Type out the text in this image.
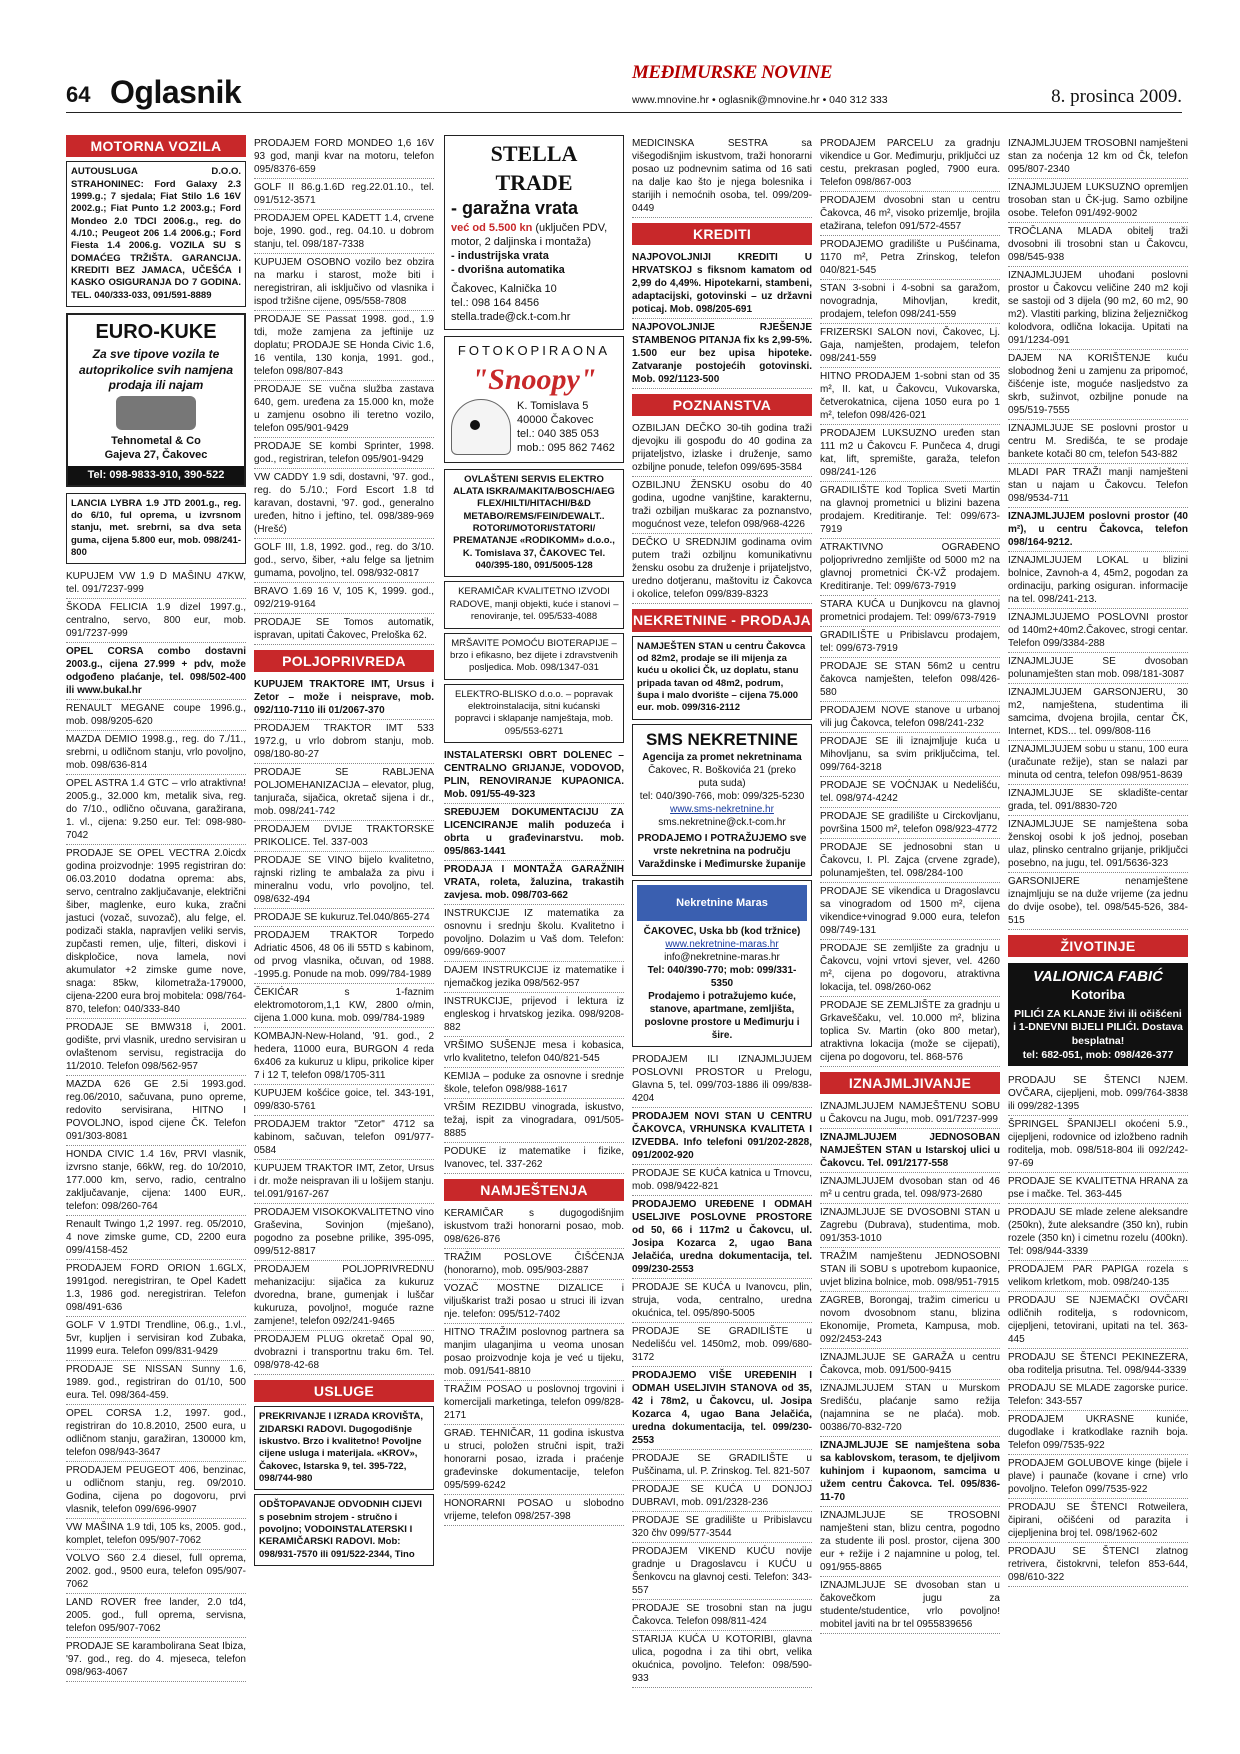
64 Oglasnik
MEĐIMURSKE NOVINE
www.mnovine.hr • oglasnik@mnovine.hr • 040 312 333	8. prosinca 2009.
MOTORNA VOZILA
AUTOUSLUGA D.O.O. STRAHONINEC: Ford Galaxy 2.3 1999.g.; 7 sjedala; Fiat Stilo 1.6 16V 2002.g.; Fiat Punto 1.2 2003.g.; Ford Mondeo 2.0 TDCI 2006.g., reg. do 4./10.; Peugeot 206 1.4 2006.g.; Ford Fiesta 1.4 2006.g. VOZILA SU S DOMAĆEG TRŽIŠTA. GARANCIJA. KREDITI BEZ JAMACA, UČEŠĆA I KASKO OSIGURANJA DO 7 GODINA. TEL. 040/333-033, 091/591-8889
EURO-KUKE
Za sve tipove vozila te autoprikolice svih namjena prodaja ili najam
Tehnometal & Co
Gajeva 27, Čakovec
Tel: 098-9833-910, 390-522
LANCIA LYBRA 1.9 JTD 2001.g., reg. do 6/10, ful oprema, u izvrsnom stanju, met. srebrni, sa dva seta guma, cijena 5.800 eur, mob. 098/241-800
KUPUJEM VW 1.9 D MAŠINU 47KW, tel. 091/7237-999
ŠKODA FELICIA 1.9 dizel 1997.g., centralno, servo, 800 eur, mob. 091/7237-999
OPEL CORSA combo dostavni 2003.g., cijena 27.999 + pdv, može odgođeno plaćanje, tel. 098/502-400 ili www.bukal.hr
RENAULT MEGANE coupe 1996.g., mob. 098/9205-620
MAZDA DEMIO 1998.g., reg. do 7./11., srebrni, u odličnom stanju, vrlo povoljno, mob. 098/636-814
OPEL ASTRA 1.4 GTC – vrlo atraktivna! 2005.g., 32.000 km, metalik siva, reg. do 7/10., odlično očuvana, garažirana, 1. vl., cijena: 9.250 eur. Tel: 098-980-7042
PRODAJE SE OPEL VECTRA 2.0icdx godina proizvodnje: 1995 registriran do: 06.03.2010 dodatna oprema: abs, servo, centralno zaključavanje, električni šiber, maglenke, euro kuka, zračni jastuci (vozač, suvozač), alu felge, el. podizači stakla, napravljen veliki servis, zupčasti remen, ulje, filteri, diskovi i diskpločice, nova lamela, novi akumulator +2 zimske gume nove, snaga: 85kw, kilometraža-179000, cijena-2200 eura broj mobitela: 098/764-870, telefon: 040/333-840
PRODAJE SE BMW318 i, 2001. godište, prvi vlasnik, uredno servisiran u ovlaštenom servisu, registracija do 11/2010. Telefon 098/562-957
MAZDA 626 GE 2.5i 1993.god. reg.06/2010, sačuvana, puno opreme, redovito servisirana, HITNO I POVOLJNO, ispod cijene ČK. Telefon 091/303-8081
HONDA CIVIC 1.4 16v, PRVI vlasnik, izvrsno stanje, 66kW, reg. do 10/2010, 177.000 km, servo, radio, centralno zaključavanje, cijena: 1400 EUR,. telefon: 098/260-764
Renault Twingo 1,2 1997. reg. 05/2010, 4 nove zimske gume, CD, 2200 eura 099/4158-452
PRODAJEM FORD ORION 1.6GLX, 1991god. neregistriran, te Opel Kadett 1.3, 1986 god. neregistriran. Telefon 098/491-636
GOLF V 1.9TDI Trendline, 06.g., 1.vl., 5vr, kupljen i servisiran kod Zubaka, 11999 eura. Telefon 099/831-9429
PRODAJE SE NISSAN Sunny 1.6, 1989. god., registriran do 01/10, 500 eura. Tel. 098/364-459.
OPEL CORSA 1.2, 1997. god., registriran do 10.8.2010, 2500 eura, u odličnom stanju, garažiran, 130000 km, telefon 098/943-3647
PRODAJEM PEUGEOT 406, benzinac, u odličnom stanju, reg. 09/2010. Godina, cijena po dogovoru, prvi vlasnik, telefon 099/696-9907
VW MAŠINA 1.9 tdi, 105 ks, 2005. god., komplet, telefon 095/907-7062
VOLVO S60 2.4 diesel, full oprema, 2002. god., 9500 eura, telefon 095/907-7062
LAND ROVER free lander, 2.0 td4, 2005. god., full oprema, servisna, telefon 095/907-7062
PRODAJE SE karambolirana Seat Ibiza, '97. god., reg. do 4. mjeseca, telefon 098/963-4067
PRODAJEM FORD MONDEO 1,6 16V 93 god, manji kvar na motoru, telefon 095/8376-659
GOLF II 86.g.1.6D reg.22.01.10., tel. 091/512-3571
PRODAJEM OPEL KADETT 1.4, crvene boje, 1990. god., reg. 04.10. u dobrom stanju, tel. 098/187-7338
KUPUJEM OSOBNO vozilo bez obzira na marku i starost, može biti i neregistriran, ali isključivo od vlasnika i ispod tržišne cijene, 095/558-7808
PRODAJE SE Passat 1998. god., 1.9 tdi, može zamjena za jeftinije uz doplatu; PRODAJE SE Honda Civic 1.6, 16 ventila, 130 konja, 1991. god., telefon 098/807-843
PRODAJE SE vučna služba zastava 640, gem. uređena za 15.000 kn, može u zamjenu osobno ili teretno vozilo, telefon 095/901-9429
PRODAJE SE kombi Sprinter, 1998. god., registriran, telefon 095/901-9429
VW CADDY 1.9 sdi, dostavni, '97. god., reg. do 5./10.; Ford Escort 1.8 td karavan, dostavni, '97. god., generalno uređen, hitno i jeftino, tel. 098/389-969 (Hrešć)
GOLF III, 1.8, 1992. god., reg. do 3/10. god., servo, šiber, +alu felge sa ljetnim gumama, povoljno, tel. 098/932-0817
BRAVO 1.69 16 V, 105 K, 1999. god., 092/219-9164
PRODAJE SE Tomos automatik, ispravan, upitati Čakovec, Preloška 62.
POLJOPRIVREDA
KUPUJEM TRAKTORE IMT, Ursus i Zetor – može i neisprave, mob. 092/110-7110 ili 01/2067-370
PRODAJEM TRAKTOR IMT 533 1972.g, u vrlo dobrom stanju, mob. 098/180-80-27
PRODAJE SE RABLJENA POLJOMEHANIZACIJA – elevator, plug, tanjurača, sijačica, okretač sijena i dr., mob. 098/241-742
PRODAJEM DVIJE TRAKTORSKE PRIKOLICE. Tel. 337-003
PRODAJE SE VINO bijelo kvalitetno, rajnski rizling te ambalaža za pivu i mineralnu vodu, vrlo povoljno, tel. 098/632-494
PRODAJE SE kukuruz.Tel.040/865-274
PRODAJEM TRAKTOR Torpedo Adriatic 4506, 48 06 ili 55TD s kabinom, od prvog vlasnika, očuvan, od 1988. -1995.g. Ponude na mob. 099/784-1989
ČEKIĆAR s 1-faznim elektromotorom,1,1 KW, 2800 o/min, cijena 1.000 kuna. mob. 099/784-1989
KOMBAJN-New-Holand, '91. god., 2 hedera, 11000 eura, BURGON 4 reda 6x406 za kukuruz u klipu, prikolice kiper 7 i 12 T, telefon 098/1705-311
KUPUJEM košćice goice, tel. 343-191, 099/830-5761
PRODAJEM traktor "Zetor" 4712 sa kabinom, sačuvan, telefon 091/977-0584
KUPUJEM TRAKTOR IMT, Zetor, Ursus i dr. može neispravan ili u lošijem stanju. tel.091/9167-267
PRODAJEM VISOKOKVALITETNO vino Graševina, Sovinjon (mješano), pogodno za posebne prilike, 395-095, 099/512-8817
PRODAJEM POLJOPRIVREDNU mehanizaciju: sijačica za kukuruz dvoredna, brane, gumenjak i luščar kukuruza, povoljno!, moguće razne zamjene!, telefon 092/241-9465
PRODAJEM PLUG okretač Opal 90, dvobrazni i transportnu traku 6m. Tel. 098/978-42-68
USLUGE
PREKRIVANJE I IZRADA KROVIŠTA, ZIDARSKI RADOVI. Dugogodišnje iskustvo. Brzo i kvalitetno! Povoljne cijene usluga i materijala. «KROV», Čakovec, Istarska 9, tel. 395-722, 098/744-980
ODŠTOPAVANJE ODVODNIH CIJEVI s posebnim strojem - stručno i povoljno; VODOINSTALATERSKI I KERAMIČARSKI RADOVI. Mob: 098/931-7570 ili 091/522-2344, Tino
STELLA TRADE
- garažna vrata
već od 5.500 kn (uključen PDV, motor, 2 daljinska i montaža)
- industrijska vrata
- dvorišna automatika
Čakovec, Kalnička 10
tel.: 098 164 8456
stella.trade@ck.t-com.hr
FOTOKOPIRAONA
"Snoopy"
K. Tomislava 5
40000 Čakovec
tel.: 040 385 053
mob.: 095 862 7462
OVLAŠTENI SERVIS ELEKTRO ALATA ISKRA/MAKITA/BOSCH/AEG FLEX/HILTI/HITACHI/B&D METABO/REMS/FEIN/DEWALT.. ROTORI/MOTORI/STATORI/ PREMATANJE «RODIKOMM» d.o.o., K. Tomislava 37, ČAKOVEC Tel. 040/395-180, 091/5005-128
KERAMIČAR KVALITETNO IZVODI RADOVE, manji objekti, kuće i stanovi – renoviranje, tel. 095/533-4088
MRŠAVITE POMOĆU BIOTERAPIJE – brzo i efikasno, bez dijete i zdravstvenih posljedica. Mob. 098/1347-031
ELEKTRO-BLISKO d.o.o. – popravak elektroinstalacija, sitni kućanski popravci i sklapanje namještaja, mob. 095/553-6271
INSTALATERSKI OBRT DOLENEC – CENTRALNO GRIJANJE, VODOVOD, PLIN, RENOVIRANJE KUPAONICA. Mob. 091/55-49-323
SREĐUJEM DOKUMENTACIJU ZA LICENCIRANJE malih poduzeća i obrta u građevinarstvu. mob. 095/863-1441
PRODAJA I MONTAŽA GARAŽNIH VRATA, roleta, žaluzina, trakastih zavjesa. mob. 098/703-662
INSTRUKCIJE IZ matematika za osnovnu i srednju školu. Kvalitetno i povoljno. Dolazim u Vaš dom. Telefon: 099/669-9007
DAJEM INSTRUKCIJE iz matematike i njemačkog jezika 098/562-957
INSTRUKCIJE, prijevod i lektura iz engleskog i hrvatskog jezika. 098/9208-882
VRŠIMO SUŠENJE mesa i kobasica, vrlo kvalitetno, telefon 040/821-545
KEMIJA – poduke za osnovne i srednje škole, telefon 098/988-1617
VRŠIM REZIDBU vinograda, iskustvo, težaj, ispit za vinogradara, 091/505-8885
PODUKE iz matematike i fizike, Ivanovec, tel. 337-262
NAMJEŠTENJA
KERAMIČAR s dugogodišnjim iskustvom traži honorarni posao, mob. 098/626-876
TRAŽIM POSLOVE ČIŠĆENJA (honorarno), mob. 095/903-2887
VOZAČ MOSTNE DIZALICE i viljuškarist traži posao u struci ili izvan nje. telefon: 095/512-7402
HITNO TRAŽIM poslovnog partnera sa manjim ulaganjima u veoma unosan posao proizvodnje koja je već u tijeku, mob. 091/541-8810
TRAŽIM POSAO u poslovnoj trgovini i komercijali marketinga, telefon 099/828-2171
GRAĐ. TEHNIČAR, 11 godina iskustva u struci, položen stručni ispit, traži honorarni posao, izrada i praćenje građevinske dokumentacije, telefon 095/599-6242
HONORARNI POSAO u slobodno vrijeme, telefon 098/257-398
MEDICINSKA SESTRA sa višegodišnjim iskustvom, traži honorarni posao uz podnevnim satima od 16 sati na dalje kao što je njega bolesnika i starijih i nemoćnih osoba, tel. 099/209-0449
KREDITI
NAJPOVOLJNIJI KREDITI U HRVATSKOJ s fiksnom kamatom od 2,99 do 4,49%. Hipotekarni, stambeni, adaptacijski, gotovinski – uz državni poticaj. Mob. 098/205-691
NAJPOVOLJNIJE RJEŠENJE STAMBENOG PITANJA fix ks 2,99-5%. 1.500 eur bez upisa hipoteke. Zatvaranje postojećih gotovinski. Mob. 092/1123-500
POZNANSTVA
OZBILJAN DEČKO 30-tih godina traži djevojku ili gospođu do 40 godina za prijateljstvo, izlaske i druženje, samo ozbiljne ponude, telefon 099/695-3584
OZBILJNU ŽENSKU osobu do 40 godina, ugodne vanjštine, karakternu, traži ozbiljan muškarac za poznanstvo, mogućnost veze, telefon 098/968-4226
DEČKO U SREDNJIM godinama ovim putem traži ozbiljnu komunikativnu žensku osobu za druženje i prijateljstvo, uredno dotjeranu, maštovitu iz Čakovca i okolice, telefon 099/839-8323
NEKRETNINE - PRODAJA
NAMJEŠTEN STAN u centru Čakovca od 82m2, prodaje se ili mijenja za kuću u okolici Čk, uz doplatu, stanu pripada tavan od 48m2, podrum, šupa i malo dvorište – cijena 75.000 eur. mob. 099/316-2112
SMS NEKRETNINE
Agencija za promet nekretninama
Čakovec, R. Boškovića 21 (preko puta suda)
tel: 040/390-766, mob: 099/325-5230
www.sms-nekretnine.hr
sms.nekretnine@ck.t-com.hr
PRODAJEMO I POTRAŽUJEMO sve vrste nekretnina na području Varaždinske i Međimurske županije
Nekretnine Maras
ČAKOVEC, Uska bb (kod tržnice)
www.nekretnine-maras.hr
info@nekretnine-maras.hr
Tel: 040/390-770; mob: 099/331-5350
Prodajemo i potražujemo kuće, stanove, apartmane, zemljišta, poslovne prostore u Međimurju i šire.
PRODAJEM ILI IZNAJMLJUJEM POSLOVNI PROSTOR u Prelogu, Glavna 5, tel. 099/703-1886 ili 099/838-4204
PRODAJEM NOVI STAN U CENTRU ČAKOVCA, VRHUNSKA KVALITETA I IZVEDBA. Info telefoni 091/202-2828, 091/2002-920
PRODAJE SE KUĆA katnica u Trnovcu, mob. 098/9422-821
PRODAJEMO UREĐENE I ODMAH USELJIVE POSLOVNE PROSTORE od 50, 66 i 117m2 u Čakovcu, ul. Josipa Kozarca 2, ugao Bana Jelačića, uredna dokumentacija, tel. 099/230-2553
PRODAJE SE KUĆA u Ivanovcu, plin, struja, voda, centralno, uredna okućnica, tel. 095/890-5005
PRODAJE SE GRADILIŠTE u Nedelišću vel. 1450m2, mob. 099/680-3172
PRODAJEMO VIŠE UREĐENIH I ODMAH USELJIVIH STANOVA od 35, 42 i 78m2, u Čakovcu, ul. Josipa Kozarca 4, ugao Bana Jelačića, uredna dokumentacija, tel. 099/230-2553
PRODAJE SE GRADILIŠTE u Puščinama, ul. P. Zrinskog. Tel. 821-507
PRODAJE SE KUĆA U DONJOJ DUBRAVI, mob. 091/2328-236
PRODAJE SE gradilište u Pribislavcu 320 čhv 099/577-3544
PRODAJEM VIKEND KUĆU novije gradnje u Dragoslavcu i KUĆU u Šenkovcu na glavnoj cesti. Telefon: 343-557
PRODAJE SE trosobni stan na jugu Čakovca. Telefon 098/811-424
STARIJA KUĆA U KOTORIBI, glavna ulica, pogodna i za tihi obrt, velika okućnica, povoljno. Telefon: 098/590-933
PRODAJEM PARCELU za gradnju vikendice u Gor. Međimurju, priključci uz cestu, prekrasan pogled, 7900 eura. Telefon 098/867-003
PRODAJEM dvosobni stan u centru Čakovca, 46 m², visoko prizemlje, brojila etažirana, telefon 091/572-4557
PRODAJEMO gradilište u Pušćinama, 1170 m², Petra Zrinskog, telefon 040/821-545
STAN 3-sobni i 4-sobni sa garažom, novogradnja, Mihovljan, kredit, prodajem, telefon 098/241-559
FRIZERSKI SALON novi, Čakovec, Lj. Gaja, namješten, prodajem, telefon 098/241-559
HITNO PRODAJEM 1-sobni stan od 35 m², II. kat, u Čakovcu, Vukovarska, četverokatnica, cijena 1050 eura po 1 m², telefon 098/426-021
PRODAJEM LUKSUZNO uređen stan 111 m2 u Čakovcu F. Punčeca 4, drugi kat, lift, spremište, garaža, telefon 098/241-126
GRADILIŠTE kod Toplica Sveti Martin na glavnoj prometnici u blizini bazena prodajem. Kreditiranje. Tel: 099/673-7919
ATRAKTIVNO OGRAĐENO poljoprivredno zemljište od 5000 m2 na glavnoj prometnici ČK-VŽ prodajem. Kreditiranje. Tel: 099/673-7919
STARA KUĆA u Dunjkovcu na glavnoj prometnici prodajem. Tel: 099/673-7919
GRADILIŠTE u Pribislavcu prodajem, tel: 099/673-7919
PRODAJE SE STAN 56m2 u centru čakovca namješten, telefon 098/426-580
PRODAJEM NOVE stanove u urbanoj vili jug Čakovca, telefon 098/241-232
PRODAJE SE ili iznajmljuje kuća u Mihovljanu, sa svim priključcima, tel. 099/764-3218
PRODAJE SE VOĆNJAK u Nedelišću, tel. 098/974-4242
PRODAJE SE gradilište u Circkovljanu, površina 1500 m², telefon 098/923-4772
PRODAJE SE jednosobni stan u Čakovcu, I. Pl. Zajca (crvene zgrade), polunamješten, tel. 098/284-100
PRODAJE SE vikendica u Dragoslavcu sa vinogradom od 1500 m², cijena vikendice+vinograd 9.000 eura, telefon 098/749-131
PRODAJE SE zemljište za gradnju u Čakovcu, vojni vrtovi sjever, vel. 4260 m², cijena po dogovoru, atraktivna lokacija, tel. 098/260-062
PRODAJE SE ZEMLJIŠTE za gradnju u Grkaveščaku, vel. 10.000 m², blizina toplica Sv. Martin (oko 800 metar), atraktivna lokacija (može se cijepati), cijena po dogovoru, tel. 868-576
IZNAJMLJIVANJE
IZNAJMLJUJEM NAMJEŠTENU SOBU u Čakovcu na Jugu, mob. 091/7237-999
IZNAJMLJUJEM JEDNOSOBAN NAMJEŠTEN STAN u Istarskoj ulici u Čakovcu. Tel. 091/2177-558
IZNAJMLJUJEM dvosoban stan od 46 m² u centru grada, tel. 098/973-2680
IZNAJMLJUJE SE DVOSOBNI STAN u Zagrebu (Dubrava), studentima, mob. 091/353-1010
TRAŽIM namještenu JEDNOSOBNI STAN ili SOBU s upotrebom kupaonice, uvjet blizina bolnice, mob. 098/951-7915
ZAGREB, Borongaj, tražim cimericu u novom dvosobnom stanu, blizina Ekonomije, Prometa, Kampusa, mob. 092/2453-243
IZNAJMLJUJE SE GARAŽA u centru Čakovca, mob. 091/500-9415
IZNAJMLJUJEM STAN u Murskom Središću, plaćanje samo režija (najamnina se ne plaća). mob. 00386/70-832-720
IZNAJMLJUJE SE namještena soba sa kablovskom, terasom, te djeljivom kuhinjom i kupaonom, samcima u užem centru Čakovca. Tel. 095/836-11-70
IZNAJMLJUJE SE TROSOBNI namješteni stan, blizu centra, pogodno za studente ili posl. prostor, cijena 300 eur + režije i 2 najamnine u polog, tel. 091/955-8865
IZNAJMLJUJE SE dvosoban stan u čakovečkom jugu za studente/studentice, vrlo povoljno! mobitel javiti na br tel 0955839656
IZNAJMLJUJEM TROSOBNI namješteni stan za noćenja 12 km od Čk, telefon 095/807-2340
IZNAJMLJUJEM LUKSUZNO opremljen trosoban stan u ČK-jug. Samo ozbiljne osobe. Telefon 091/492-9002
TROČLANA MLADA obitelj traži dvosobni ili trosobni stan u Čakovcu, 098/545-938
IZNAJMLJUJEM uhođani poslovni prostor u Čakovcu veličine 240 m2 koji se sastoji od 3 dijela (90 m2, 60 m2, 90 m2). Vlastiti parking, blizina željezničkog kolodvora, odlična lokacija. Upitati na 091/1234-091
DAJEM NA KORIŠTENJE kuću slobodnog ženi u zamjenu za pripomoć, čišćenje iste, moguće nasljedstvo za skrb, sužinvot, ozbiljne ponude na 095/519-7555
IZNAJMLJUJE SE poslovni prostor u centru M. Središća, te se prodaje bankete kotači 80 cm, telefon 543-882
MLADI PAR TRAŽI manji namješteni stan u najam u Čakovcu. Telefon 098/9534-711
IZNAJMLJUJEM poslovni prostor (40 m²), u centru Čakovca, telefon 098/164-9212.
IZNAJMLJUJEM LOKAL u blizini bolnice, Zavnoh-a 4, 45m2, pogodan za ordinaciju, parking osiguran. informacije na tel. 098/241-213.
IZNAJMLJUJEMO POSLOVNI prostor od 140m2+40m2.Čakovec, strogi centar. Telefon 099/3384-288
IZNAJMLJUJE SE dvosoban polunamješten stan mob. 098/181-3087
IZNAJMLJUJEM GARSONJERU, 30 m2, namještena, studentima ili samcima, dvojena brojila, centar ČK, Internet, KDS... tel. 099/808-116
IZNAJMLJUJEM sobu u stanu, 100 eura (uračunate režije), stan se nalazi par minuta od centra, telefon 098/951-8639
IZNAJMLJUJE SE skladište-centar grada, tel. 091/8830-720
IZNAJMLJUJE SE namještena soba ženskoj osobi k još jednoj, poseban ulaz, plinsko centralno grijanje, priključci posebno, na jugu, tel. 091/5636-323
GARSONIJERE nenamještene iznajmljuju se na duže vrijeme (za jednu do dvije osobe), tel. 098/545-526, 384-515
ŽIVOTINJE
VALIONICA FABIĆ
Kotoriba
PILIĆI ZA KLANJE živi ili očišćeni i 1-DNEVNI BIJELI PILIĆI. Dostava besplatna!
tel: 682-051, mob: 098/426-377
PRODAJU SE ŠTENCI NJEM. OVČARA, cijepljeni, mob. 099/764-3838 ili 099/282-1395
ŠPRINGEL ŠPANIJELI okoćeni 5.9., cijepljeni, rodovnice od izložbeno radnih roditelja, mob. 098/518-804 ili 092/242-97-69
PRODAJE SE KVALITETNA HRANA za pse i mačke. Tel. 363-445
PRODAJU SE mlade zelene aleksandre (250kn), žute aleksandre (350 kn), rubin rozele (350 kn) i cimetnu rozelu (400kn). Tel: 098/944-3339
PRODAJEM PAR PAPIGA rozela s velikom krletkom, mob. 098/240-135
PRODAJU SE NJEMAČKI OVČARI odličnih roditelja, s rodovnicom, cijepljeni, tetovirani, upitati na tel. 363-445
PRODAJU SE ŠTENCI PEKINEZERA, oba roditelja prisutna. Tel. 098/944-3339
PRODAJU SE MLADE zagorske purice. Telefon: 343-557
PRODAJEM UKRASNE kuniće, dugodlake i kratkodlake raznih boja. Telefon 099/7535-922
PRODAJEM GOLUBOVE kinge (bijele i plave) i paunače (kovane i crne) vrlo povoljno. Telefon 099/7535-922
PRODAJU SE ŠTENCI Rotweilera, čipirani, očišćeni od parazita i cijepljenina broj tel. 098/1962-602
PRODAJU SE ŠTENCI zlatnog retrivera, čistokrvni, telefon 853-644, 098/610-322
